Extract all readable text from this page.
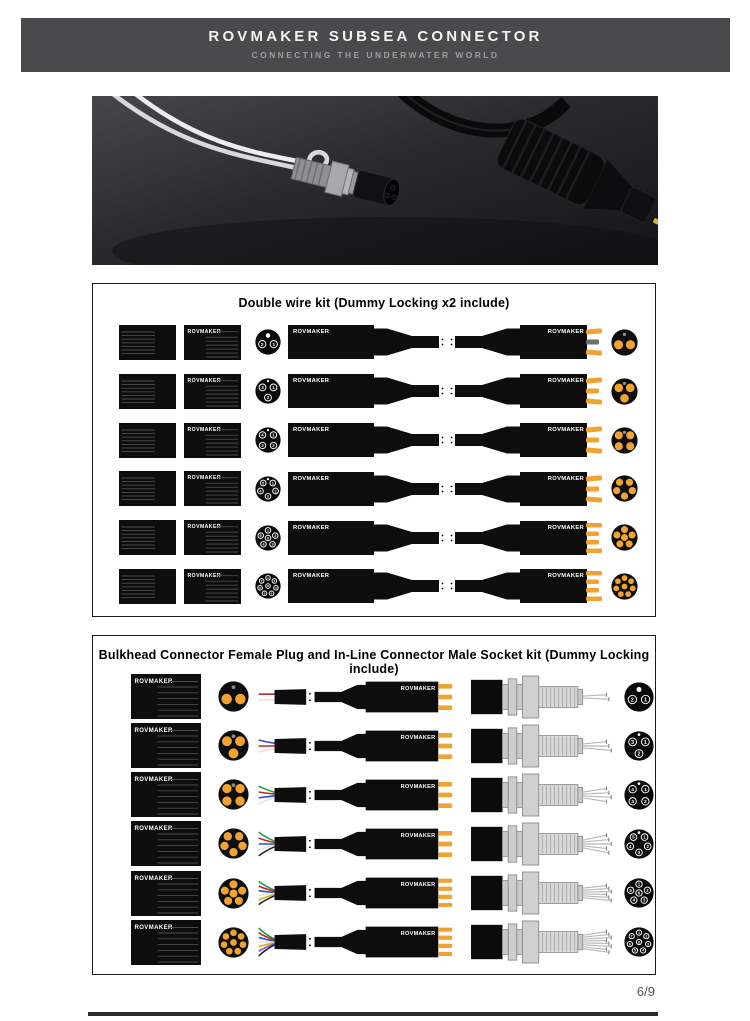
ROVMAKER SUBSEA CONNECTOR
CONNECTING THE UNDERWATER WORLD
Double wire kit (Dummy Locking x2 include)
ROVMAKER
1
2
ROVMAKER	ROVMAKER
ROVMAKER
1
2
3
ROVMAKER	ROVMAKER
ROVMAKER
1
2
3
4
ROVMAKER	ROVMAKER
ROVMAKER
1
2
3
4
5
ROVMAKER	ROVMAKER
ROVMAKER	1
2
3
4
5
6
ROVMAKER	ROVMAKER
ROVMAKER	1
2
3
4
5
6
7
8
ROVMAKER	ROVMAKER
Bulkhead Connector Female Plug and In-Line Connector Male Socket kit (Dummy Locking include)
ROVMAKER
ROVMAKER
1
2
ROVMAKER
ROVMAKER
1
2
3
ROVMAKER
ROVMAKER	1
2
3
4
ROVMAKER
ROVMAKER	1
2
3
4
5
ROVMAKER
ROVMAKER	1
2
3
4
5
6
ROVMAKER
ROVMAKER	1
2
3
4
5
6
7
8
6/9
